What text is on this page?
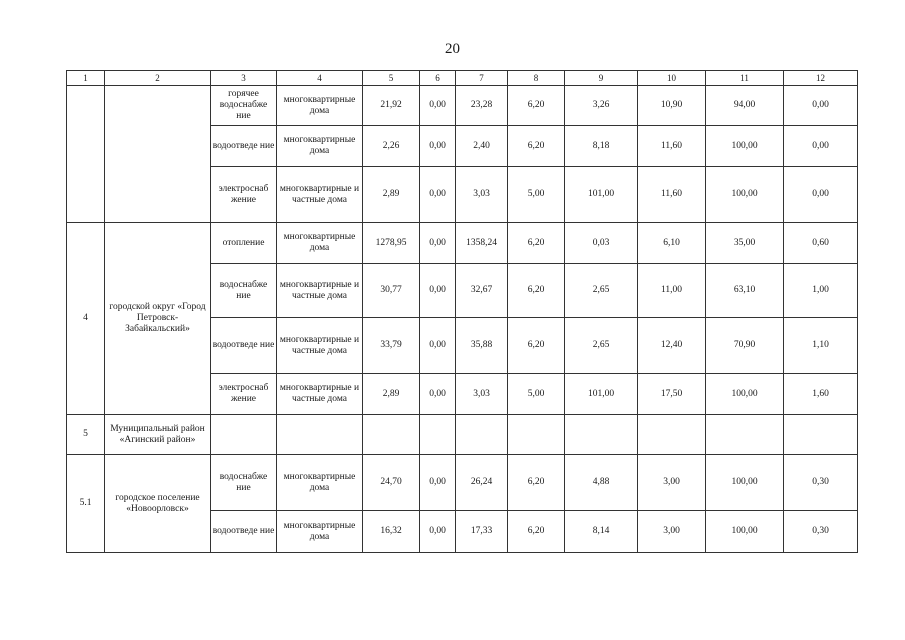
20
1	2	3	4	5	6	7	8	9	10	11	12
		горячее водоснабже ние	многоквартирные дома	21,92	0,00	23,28	6,20	3,26	10,90	94,00	0,00
		водоотведе ние	многоквартирные дома	2,26	0,00	2,40	6,20	8,18	11,60	100,00	0,00
		электроснаб жение	многоквартирные и частные дома	2,89	0,00	3,03	5,00	101,00	11,60	100,00	0,00
4	городской округ «Город Петровск-Забайкальский»	отопление	многоквартирные дома	1278,95	0,00	1358,24	6,20	0,03	6,10	35,00	0,60
		водоснабже ние	многоквартирные и частные дома	30,77	0,00	32,67	6,20	2,65	11,00	63,10	1,00
		водоотведе ние	многоквартирные и частные дома	33,79	0,00	35,88	6,20	2,65	12,40	70,90	1,10
		электроснаб жение	многоквартирные и частные дома	2,89	0,00	3,03	5,00	101,00	17,50	100,00	1,60
5	Муниципальный район «Агинский район»										
5.1	городское поселение «Новоорловск»	водоснабже ние	многоквартирные дома	24,70	0,00	26,24	6,20	4,88	3,00	100,00	0,30
		водоотведе ние	многоквартирные дома	16,32	0,00	17,33	6,20	8,14	3,00	100,00	0,30
